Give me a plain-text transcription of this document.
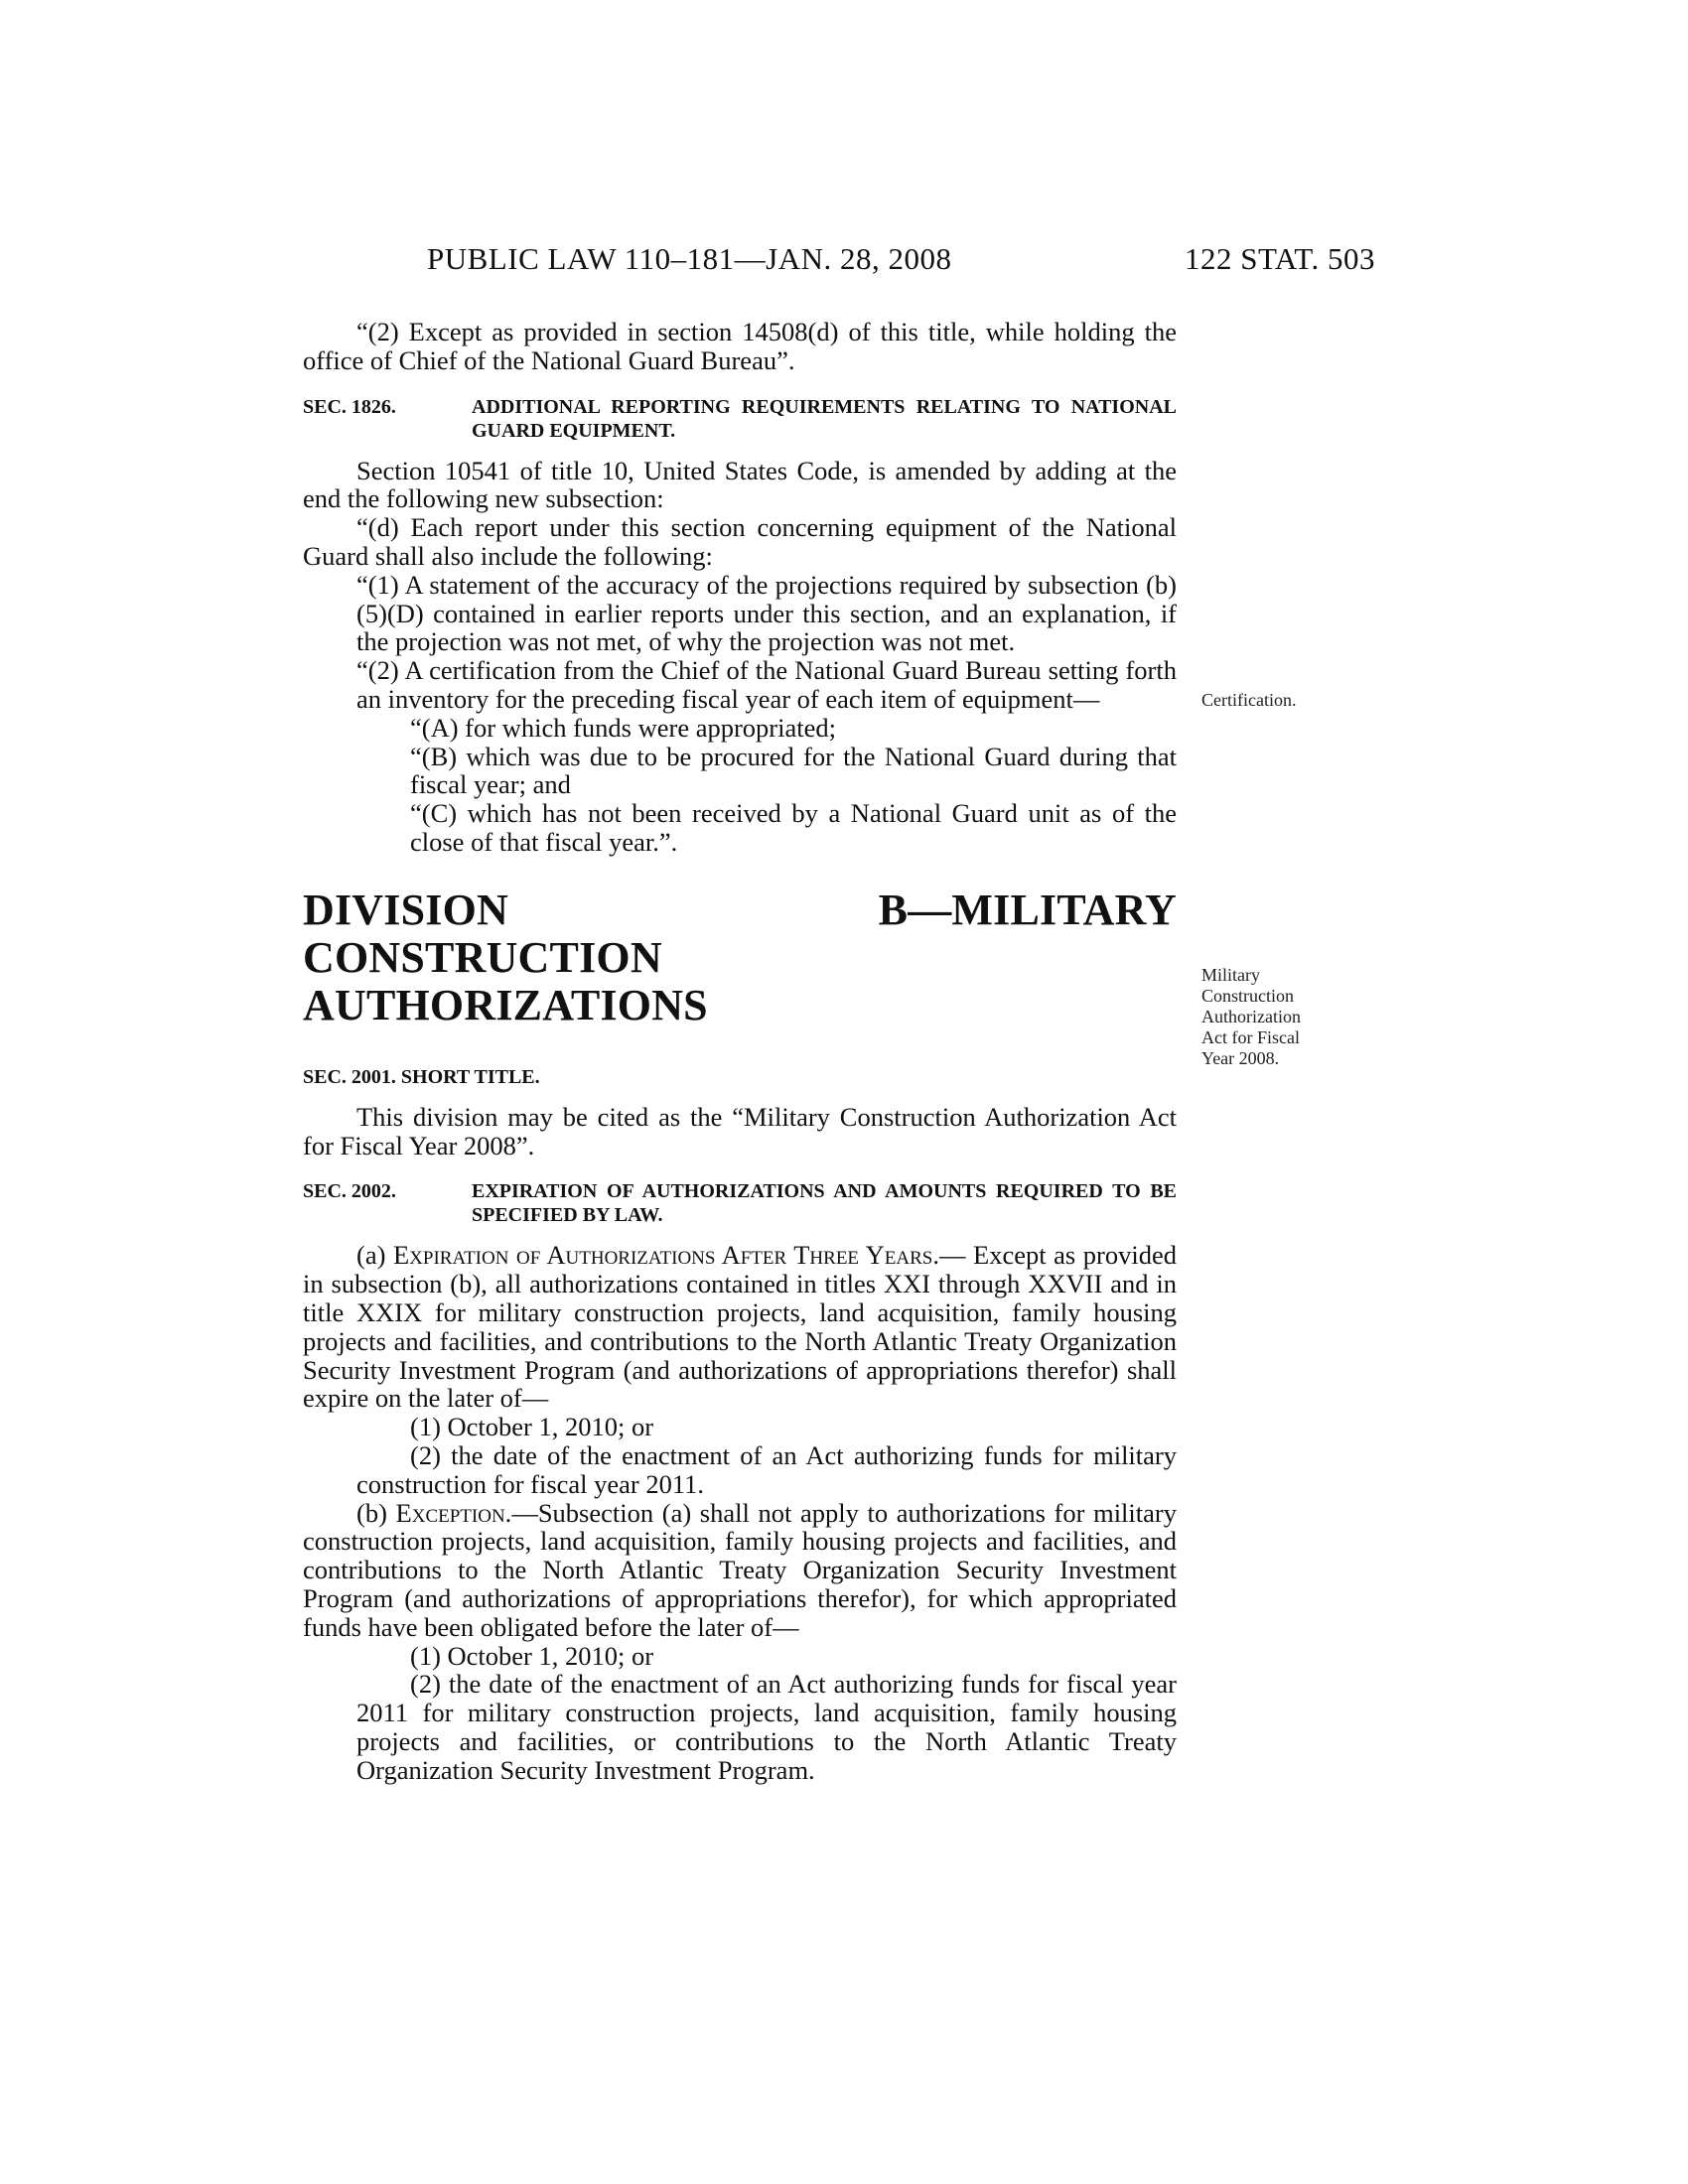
PUBLIC LAW 110–181—JAN. 28, 2008	122 STAT. 503
Certification.
Military
Construction
Authorization
Act for Fiscal
Year 2008.

“(2) Except as provided in section 14508(d) of this title, while holding the office of Chief of the National Guard Bureau”.

SEC. 1826.	ADDITIONAL REPORTING REQUIREMENTS RELATING TO NATIONAL GUARD EQUIPMENT.

Section 10541 of title 10, United States Code, is amended by adding at the end the following new subsection:

“(d) Each report under this section concerning equipment of the National Guard shall also include the following:

“(1) A statement of the accuracy of the projections required by subsection (b)(5)(D) contained in earlier reports under this section, and an explanation, if the projection was not met, of why the projection was not met.

“(2) A certification from the Chief of the National Guard Bureau setting forth an inventory for the preceding fiscal year of each item of equipment—

“(A) for which funds were appropriated;

“(B) which was due to be procured for the National Guard during that fiscal year; and

“(C) which has not been received by a National Guard unit as of the close of that fiscal year.”.

DIVISION B—MILITARY CONSTRUCTION

AUTHORIZATIONS

SEC. 2001. SHORT TITLE.

This division may be cited as the “Military Construction Authorization Act for Fiscal Year 2008”.

SEC. 2002.	EXPIRATION OF AUTHORIZATIONS AND AMOUNTS REQUIRED TO BE SPECIFIED BY LAW.

(a) Expiration of Authorizations After Three Years.— Except as provided in subsection (b), all authorizations contained in titles XXI through XXVII and in title XXIX for military construction projects, land acquisition, family housing projects and facilities, and contributions to the North Atlantic Treaty Organization Security Investment Program (and authorizations of appropriations therefor) shall expire on the later of—

(1) October 1, 2010; or

(2) the date of the enactment of an Act authorizing funds for military construction for fiscal year 2011.

(b) Exception.—Subsection (a) shall not apply to authorizations for military construction projects, land acquisition, family housing projects and facilities, and contributions to the North Atlantic Treaty Organization Security Investment Program (and authorizations of appropriations therefor), for which appropriated funds have been obligated before the later of—

(1) October 1, 2010; or

(2) the date of the enactment of an Act authorizing funds for fiscal year 2011 for military construction projects, land acquisition, family housing projects and facilities, or contributions to the North Atlantic Treaty Organization Security Investment Program.
